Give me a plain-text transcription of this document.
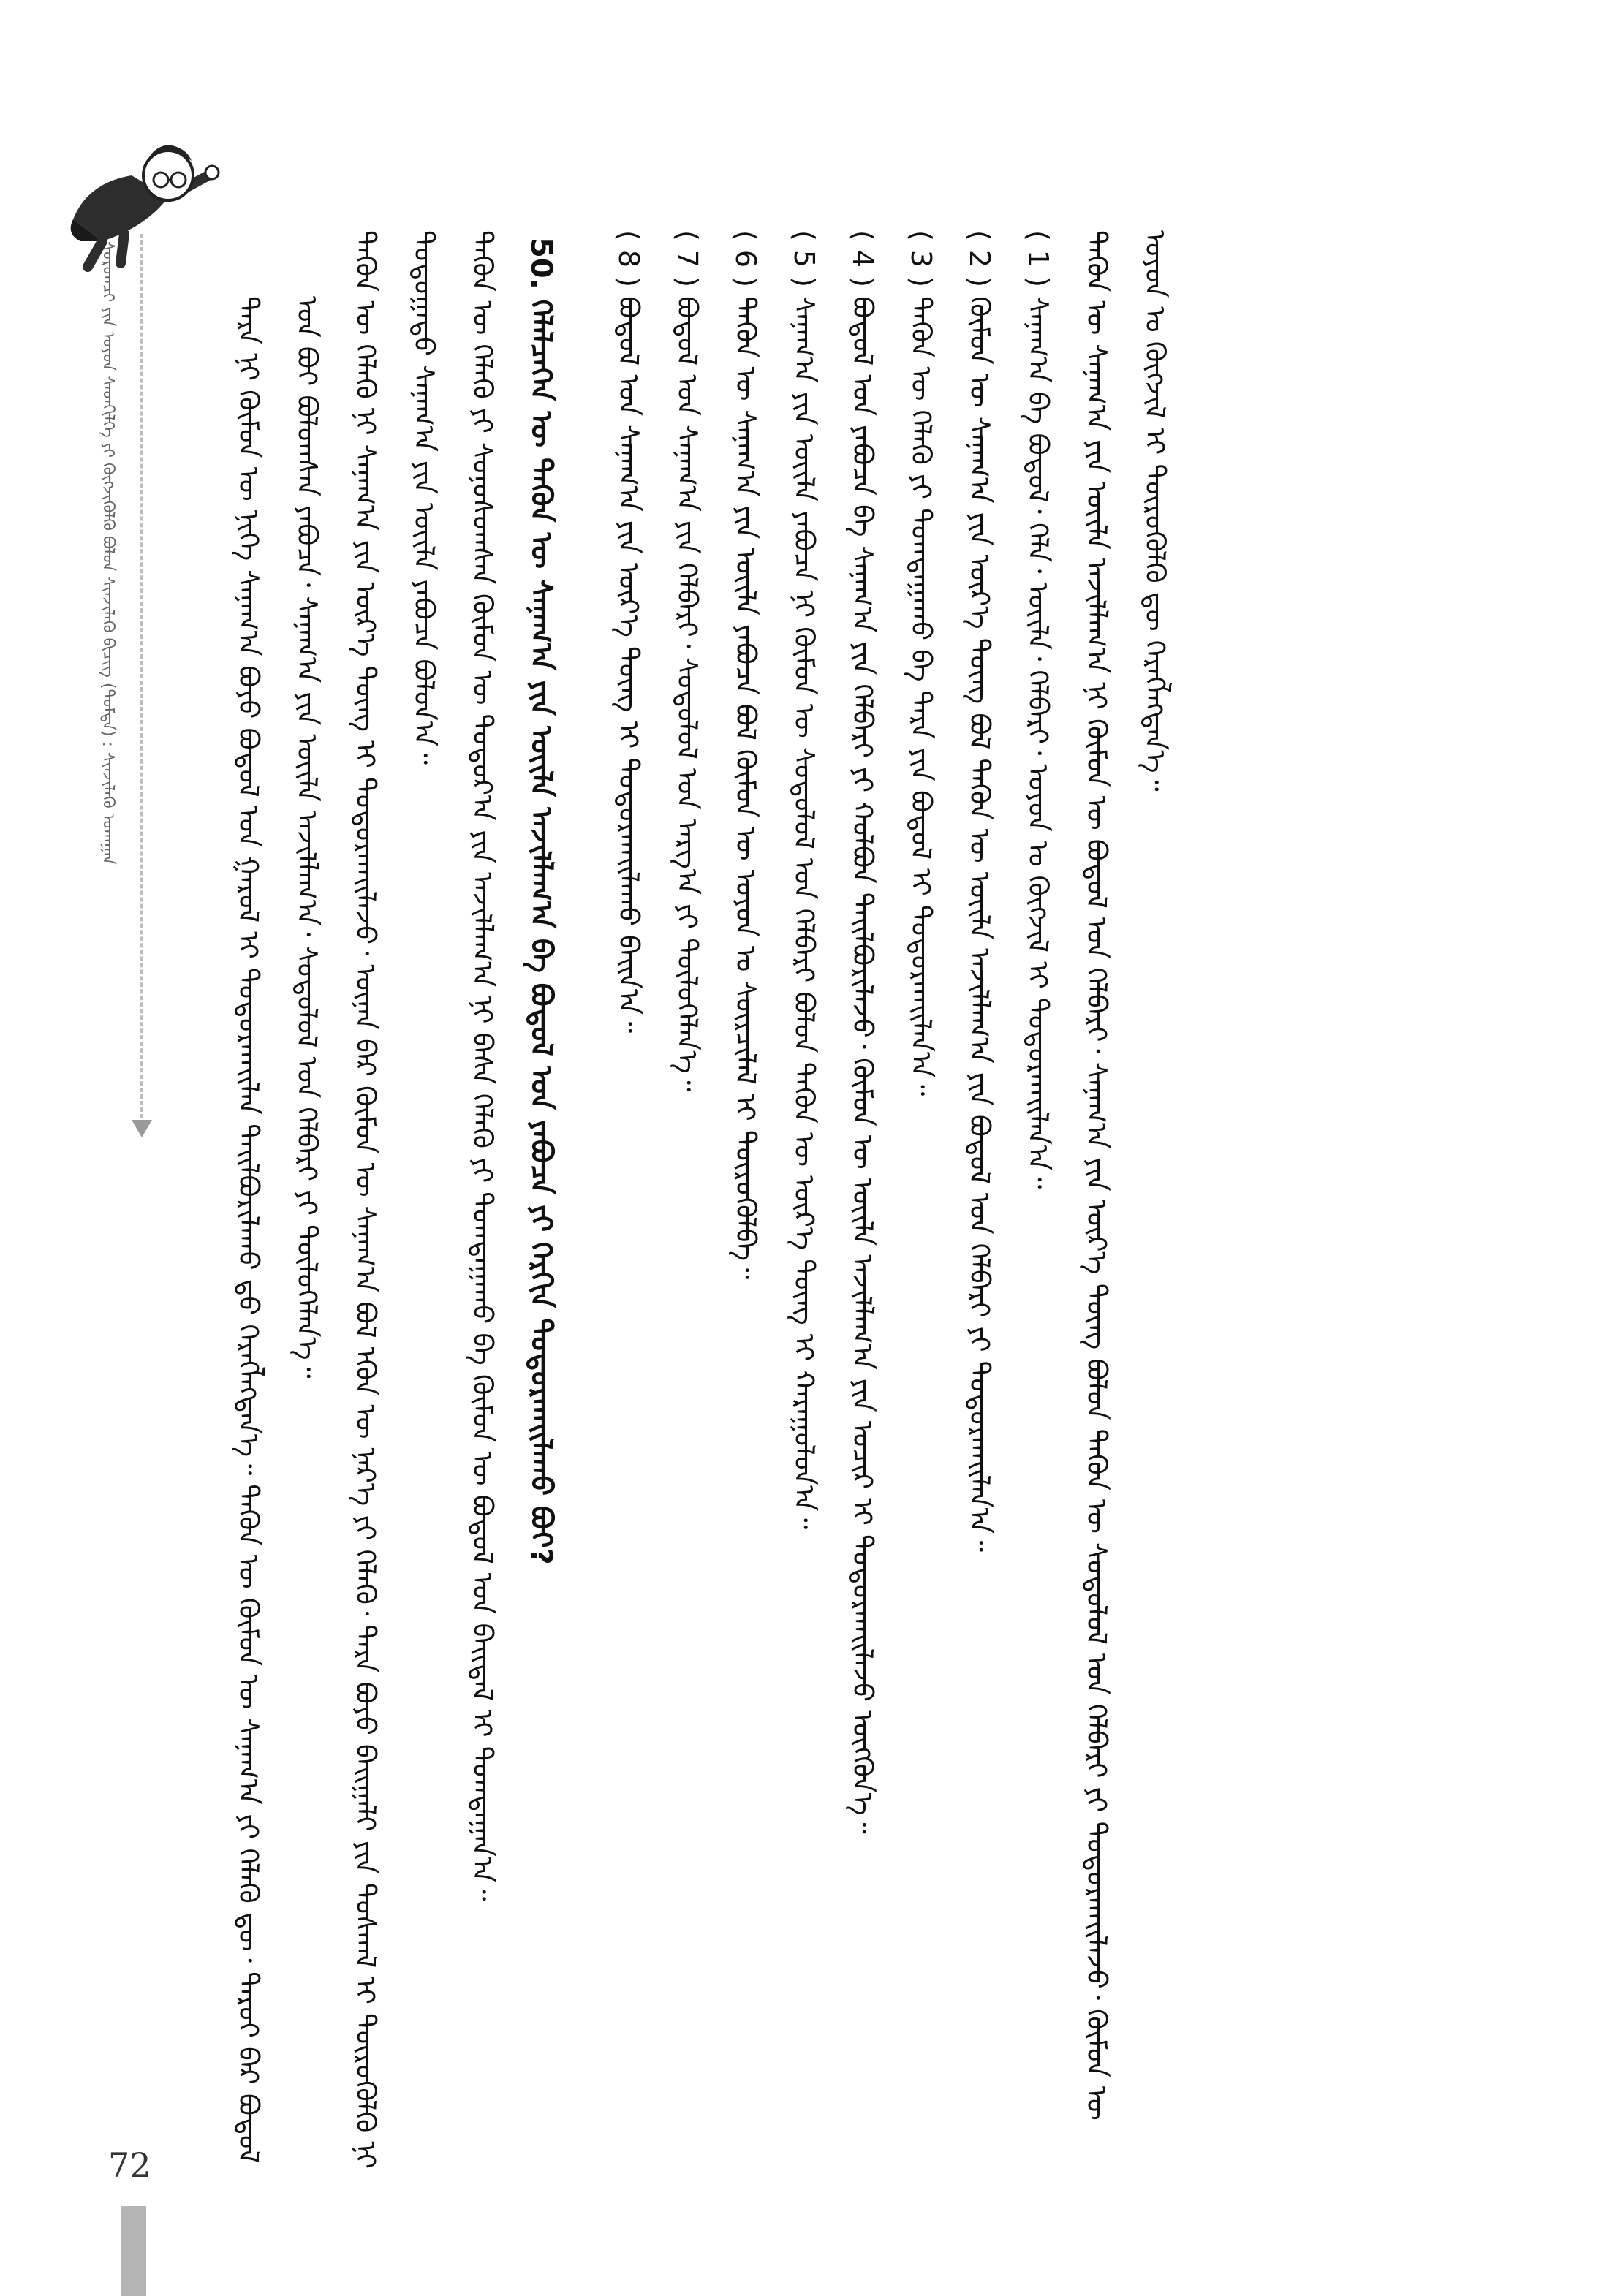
ᠰᠤᠷᠤᠭᠴᠢ ᠶᠢᠨ ᠤᠶᠤᠨ ᠰᠡᠳᠬᠢᠯᠭᠡ ᠶᠢ ᠬᠥᠭᠵᠢᠭᠦᠯᠬᠦ ᠪᠤᠯᠤᠨ ᠰᠢᠨᠵᠢᠯᠡᠬᠦ ᠪᠢᠴᠢᠭ (ᠳᠤᠮᠳᠠ) : ᠰᠢᠨᠵᠢᠯᠡᠬᠦ ᠤᠬᠠᠭᠠᠨ	ᠲᠡᠷᠡ ᠨᠢ ᠬᠦᠮᠦᠨ ᠦ ᠨᠢᠭᠡ ᠰᠠᠨᠠᠭ᠎ᠠ ᠪᠤᠶᠤ ᠪᠣᠳᠤᠯ ᠤᠨ ᠭᠠᠷᠤᠯ ᠢ ᠲᠣᠳᠤᠷᠬᠠᠢᠯᠠᠨ ᠲᠠᠢᠯᠪᠤᠷᠢᠯᠠᠬᠤ ᠳ᠋ᠤ ᠬᠡᠷᠡᠭᠯᠡᠭᠳᠡᠨ᠎ᠡ᠃ ᠲᠡᠭᠦᠨ ᠦ ᠬᠦᠮᠦᠨ ᠦ ᠰᠠᠨᠠᠭ᠎ᠠ ᠶᠢ ᠬᠡᠯᠡᠬᠦ ᠳᠦ᠂ ᠳᠠᠷᠤᠢ ᠪᠠᠷ ᠪᠣᠳᠤᠯ ᠤᠨ ᠪᠣᠢ ᠪᠣᠯᠤᠭᠰᠠᠨ ᠶᠠᠪᠤᠴᠠ᠂ ᠰᠠᠨᠠᠭ᠎ᠠ ᠶᠢᠨ ᠦᠢᠯᠡ ᠠᠵᠢᠯᠯᠠᠭ᠎ᠠ᠂ ᠰᠣᠳᠤᠯᠤᠯ ᠤᠨ ᠬᠡᠯᠪᠡᠷᠢ ᠶᠢ ᠲᠥᠯᠦᠭᠡᠯᠡᠨ᠎ᠡ᠃ ᠲᠡᠭᠦᠨ ᠦ ᠬᠡᠯᠡᠬᠦ ᠨᠢ ᠰᠠᠨᠠᠭ᠎ᠠ ᠶᠢᠨ ᠦᠷ᠎ᠡ ᠳᠦᠩ ᠢ ᠲᠣᠳᠤᠷᠬᠠᠢᠯᠠᠵᠤ᠂ ᠦᠨᠡᠨ ᠪᠡᠷ ᠬᠦᠮᠦᠨ ᠦ ᠰᠠᠨᠠᠭ᠎ᠠ ᠪᠣᠯ ᠡᠭᠦᠨ ᠦ ᠨᠡᠷ᠎ᠡ ᠶᠢ ᠬᠡᠯᠡᠬᠦ᠂ ᠲᠡᠷᠡ ᠪᠤᠶᠤ ᠪᠠᠢᠭᠠᠯᠢ ᠶᠢᠨ ᠲᠤᠰᠬᠠᠯ ᠢ ᠲᠥᠷᠦᠭᠦᠯᠬᠦ ᠨᠢ ᠳᠣᠲᠣᠭᠠᠳᠤ ᠰᠠᠨᠠᠭ᠎ᠠ ᠶᠢᠨ ᠦᠢᠯᠡ ᠶᠠᠪᠤᠴᠠ ᠪᠣᠯᠤᠨ᠎ᠠ᠃ ᠲᠡᠭᠦᠨ ᠦ ᠬᠡᠯᠡᠬᠦ ᠶᠢ ᠰᠣᠨᠣᠰᠤᠭᠰᠠᠨ ᠬᠦᠮᠦᠨ ᠦ ᠳᠣᠲᠣᠷ᠎ᠠ ᠶᠢᠨ ᠠᠵᠢᠯᠯᠠᠭ᠎ᠠ ᠨᠢ ᠪᠠᠰᠠ ᠬᠡᠯᠡᠬᠦ ᠶᠢ ᠲᠣᠭᠲᠠᠭᠠᠬᠤ ᠪᠠ ᠬᠦᠮᠦᠨ ᠦ ᠪᠣᠳᠤᠯ ᠤᠨ ᠪᠠᠢᠳᠠᠯ ᠢ ᠲᠣᠭᠲᠠᠭᠠᠨ᠎ᠠ᠃ 50. ᠬᠡᠯᠡᠯᠴᠡᠭᠡᠨ ᠦ ᠲᠡᠭᠦᠨ ᠦ ᠰᠠᠨᠠᠭ᠎ᠠ ᠶᠢᠨ ᠦᠢᠯᠡ ᠠᠵᠢᠯᠯᠠᠭ᠎ᠠ ᠪᠠ ᠪᠣᠳᠤᠯ ᠤᠨ ᠶᠠᠪᠤᠴᠠ ᠶᠢ ᠬᠡᠷᠬᠢᠨ ᠲᠣᠳᠤᠷᠬᠠᠢᠯᠠᠬᠤ ᠪᠤᠢ?

( 8 ) ᠪᠣᠳᠤᠯ ᠤᠨ ᠰᠠᠨᠠᠭ᠎ᠠ ᠶᠢᠨ ᠦᠷ᠎ᠡ ᠳᠦᠩ ᠢ ᠲᠣᠳᠤᠷᠬᠠᠢᠯᠠᠬᠤ ᠪᠠᠢᠨ᠎ᠠ᠃

( 7 ) ᠪᠣᠳᠤᠯ ᠤᠨ ᠰᠠᠨᠠᠭ᠎ᠠ ᠶᠢᠨ ᠬᠡᠯᠪᠡᠷᠢ᠂ ᠰᠣᠳᠤᠯᠤᠯ ᠤᠨ ᠠᠷᠭ᠎ᠠ ᠶᠢ ᠲᠥᠯᠦᠭᠡᠯᠡᠨ᠎ᠡ᠃

( 6 ) ᠲᠡᠭᠦᠨ ᠦ ᠰᠠᠨᠠᠭ᠎ᠠ ᠶᠢᠨ ᠦᠢᠯᠡ ᠶᠠᠪᠤᠴᠠ ᠪᠣᠯ ᠬᠦᠮᠦᠨ ᠦ ᠣᠶᠤᠨ ᠤ ᠰᠦᠷᠴᠢᠯᠡᠯ ᠢ ᠲᠥᠷᠦᠭᠦᠯᠪᠡ᠃

( 5 ) ᠰᠠᠨᠠᠭ᠎ᠠ ᠶᠢᠨ ᠦᠢᠯᠡ ᠶᠠᠪᠤᠴᠠ ᠨᠢ ᠬᠦᠮᠦᠨ ᠦ ᠰᠣᠳᠤᠯᠤᠯ ᠤᠨ ᠬᠡᠯᠪᠡᠷᠢ ᠪᠣᠯᠤᠨ ᠲᠡᠭᠦᠨ ᠦ ᠦᠷ᠎ᠡ ᠳᠦᠩ ᠢ ᠬᠠᠷᠠᠭᠤᠯᠤᠨ᠎ᠠ᠃

( 4 ) ᠪᠣᠳᠤᠯ ᠤᠨ ᠶᠠᠪᠤᠴᠠ ᠪᠠ ᠰᠠᠨᠠᠭ᠎ᠠ ᠶᠢᠨ ᠬᠡᠯᠪᠡᠷᠢ ᠶᠢ ᠬᠣᠯᠪᠣᠨ ᠲᠠᠢᠯᠪᠤᠷᠢᠯᠠᠵᠤ᠂ ᠬᠦᠮᠦᠨ ᠦ ᠦᠢᠯᠡ ᠠᠵᠢᠯᠯᠠᠭ᠎ᠠ ᠶᠢᠨ ᠤᠴᠢᠷ ᠢ ᠲᠣᠳᠤᠷᠬᠠᠢᠯᠠᠵᠤ ᠦᠭᠭᠦᠨ᠎ᠡ᠃

( 3 ) ᠲᠡᠭᠦᠨ ᠦ ᠬᠡᠯᠡᠬᠦ ᠶᠢ ᠲᠣᠭᠲᠠᠭᠠᠬᠤ ᠪᠠ ᠲᠡᠷᠡ ᠶᠢᠨ ᠪᠣᠳᠤᠯ ᠢ ᠲᠣᠳᠤᠷᠬᠠᠢᠯᠠᠨ᠎ᠠ᠃

( 2 ) ᠬᠦᠮᠦᠨ ᠦ ᠰᠠᠨᠠᠭ᠎ᠠ ᠶᠢᠨ ᠦᠷ᠎ᠡ ᠳᠦᠩ ᠪᠣᠯ ᠲᠡᠭᠦᠨ ᠦ ᠦᠢᠯᠡ ᠠᠵᠢᠯᠯᠠᠭ᠎ᠠ ᠶᠢᠨ ᠪᠣᠳᠤᠯ ᠤᠨ ᠬᠡᠯᠪᠡᠷᠢ ᠶᠢ ᠲᠣᠳᠤᠷᠬᠠᠢᠯᠠᠨ᠎ᠠ᠃

( 1 ) ᠰᠠᠨᠠᠭ᠎ᠠ ᠪᠠ ᠪᠣᠳᠤᠯ᠂ ᠬᠡᠯᠡ᠂ ᠦᠢᠯᠡ᠂ ᠬᠡᠯᠪᠡᠷᠢ᠂ ᠣᠶᠤᠨ ᠤ ᠬᠥᠭᠵᠢᠯ ᠢ ᠲᠣᠳᠤᠷᠬᠠᠢᠯᠠᠨ᠎ᠠ᠃ ᠲᠡᠭᠦᠨ ᠦ ᠰᠠᠨᠠᠭ᠎ᠠ ᠶᠢᠨ ᠦᠢᠯᠡ ᠠᠵᠢᠯᠯᠠᠭ᠎ᠠ ᠨᠢ ᠬᠦᠮᠦᠨ ᠦ ᠪᠣᠳᠤᠯ ᠤᠨ ᠬᠡᠯᠪᠡᠷᠢ᠂ ᠰᠠᠨᠠᠭ᠎ᠠ ᠶᠢᠨ ᠦᠷ᠎ᠡ ᠳᠦᠩ ᠪᠣᠯᠤᠨ ᠲᠡᠭᠦᠨ ᠦ ᠰᠣᠳᠤᠯᠤᠯ ᠤᠨ ᠬᠡᠯᠪᠡᠷᠢ ᠶᠢ ᠲᠣᠳᠤᠷᠬᠠᠢᠯᠠᠵᠤ᠂ ᠬᠦᠮᠦᠨ ᠦ ᠣᠶᠤᠨ ᠤ ᠬᠥᠭᠵᠢᠯ ᠢ ᠲᠥᠷᠦᠭᠦᠯᠬᠦ ᠳᠦ ᠬᠡᠷᠡᠭᠯᠡᠭᠳᠡᠨ᠎ᠡ᠃

72
